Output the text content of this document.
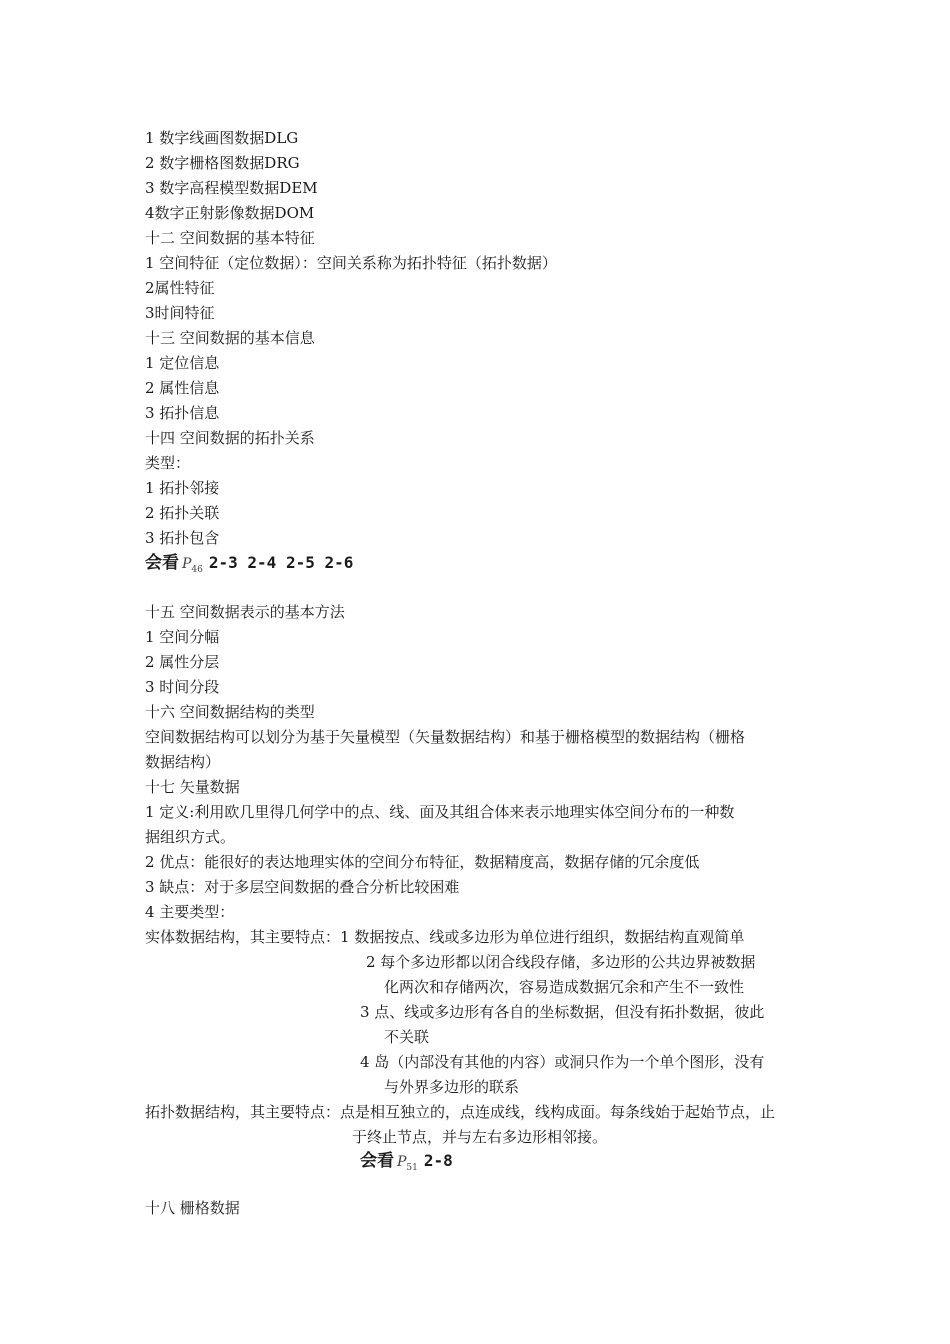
1 数字线画图数据DLG
2 数字栅格图数据DRG
3 数字高程模型数据DEM
4数字正射影像数据DOM
十二 空间数据的基本特征
1 空间特征（定位数据）：空间关系称为拓扑特征（拓扑数据）
2属性特征
3时间特征
十三 空间数据的基本信息
1 定位信息
2 属性信息
3 拓扑信息
十四 空间数据的拓扑关系
类型：
1 拓扑邻接
2 拓扑关联
3 拓扑包含
会看 $P_{46}$ 2-3 2-4 2-5 2-6
十五 空间数据表示的基本方法
1 空间分幅
2 属性分层
3 时间分段
十六 空间数据结构的类型
空间数据结构可以划分为基于矢量模型（矢量数据结构）和基于栅格模型的数据结构（栅格
数据结构）
十七 矢量数据
1 定义:利用欧几里得几何学中的点、线、面及其组合体来表示地理实体空间分布的一种数
据组织方式。
2 优点：能很好的表达地理实体的空间分布特征，数据精度高，数据存储的冗余度低
3 缺点：对于多层空间数据的叠合分析比较困难
4 主要类型：
实体数据结构，其主要特点：1 数据按点、线或多边形为单位进行组织，数据结构直观简单
2 每个多边形都以闭合线段存储，多边形的公共边界被数据
化两次和存储两次，容易造成数据冗余和产生不一致性
3 点、线或多边形有各自的坐标数据，但没有拓扑数据，彼此
不关联
4 岛（内部没有其他的内容）或洞只作为一个单个图形，没有
与外界多边形的联系
拓扑数据结构，其主要特点：点是相互独立的，点连成线，线构成面。每条线始于起始节点，止
于终止节点，并与左右多边形相邻接。
会看 $P_{51}$ 2-8
十八 栅格数据
